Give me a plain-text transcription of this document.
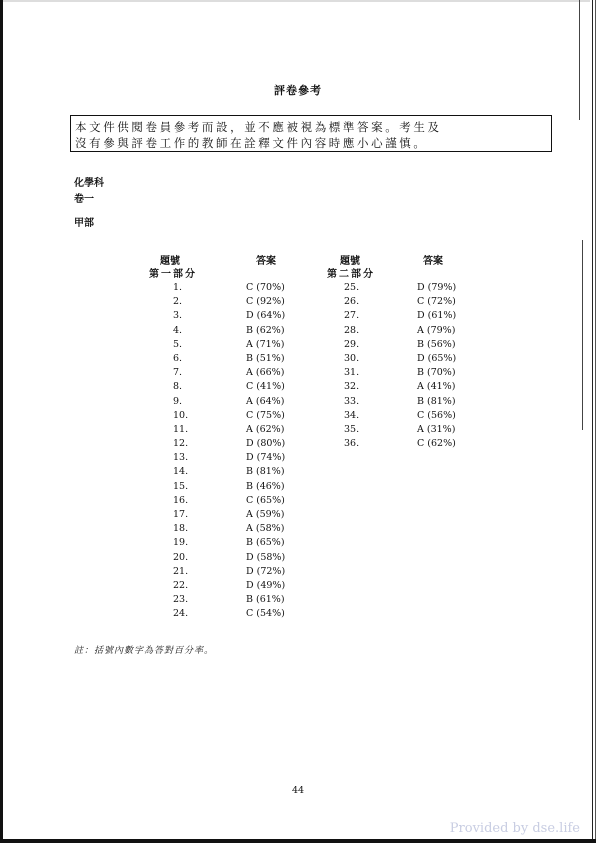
評卷參考
本文件供閱卷員參考而設，並不應被視為標準答案。考生及
沒有參與評卷工作的教師在詮釋文件內容時應小心謹慎。
化學科
卷一
甲部
題號	答案
第一部分
題號	答案
第二部分
1.
2.
3.
4.
5.
6.
7.
8.
9.
10.
11.
12.
13.
14.
15.
16.
17.
18.
19.
20.
21.
22.
23.
24.
C (70%)
C (92%)
D (64%)
B (62%)
A (71%)
B (51%)
A (66%)
C (41%)
A (64%)
C (75%)
A (62%)
D (80%)
D (74%)
B (81%)
B (46%)
C (65%)
A (59%)
A (58%)
B (65%)
D (58%)
D (72%)
D (49%)
B (61%)
C (54%)
25.
26.
27.
28.
29.
30.
31.
32.
33.
34.
35.
36.
D (79%)
C (72%)
D (61%)
A (79%)
B (56%)
D (65%)
B (70%)
A (41%)
B (81%)
C (56%)
A (31%)
C (62%)
註：括號內數字為答對百分率。
44
Provided by dse.life
